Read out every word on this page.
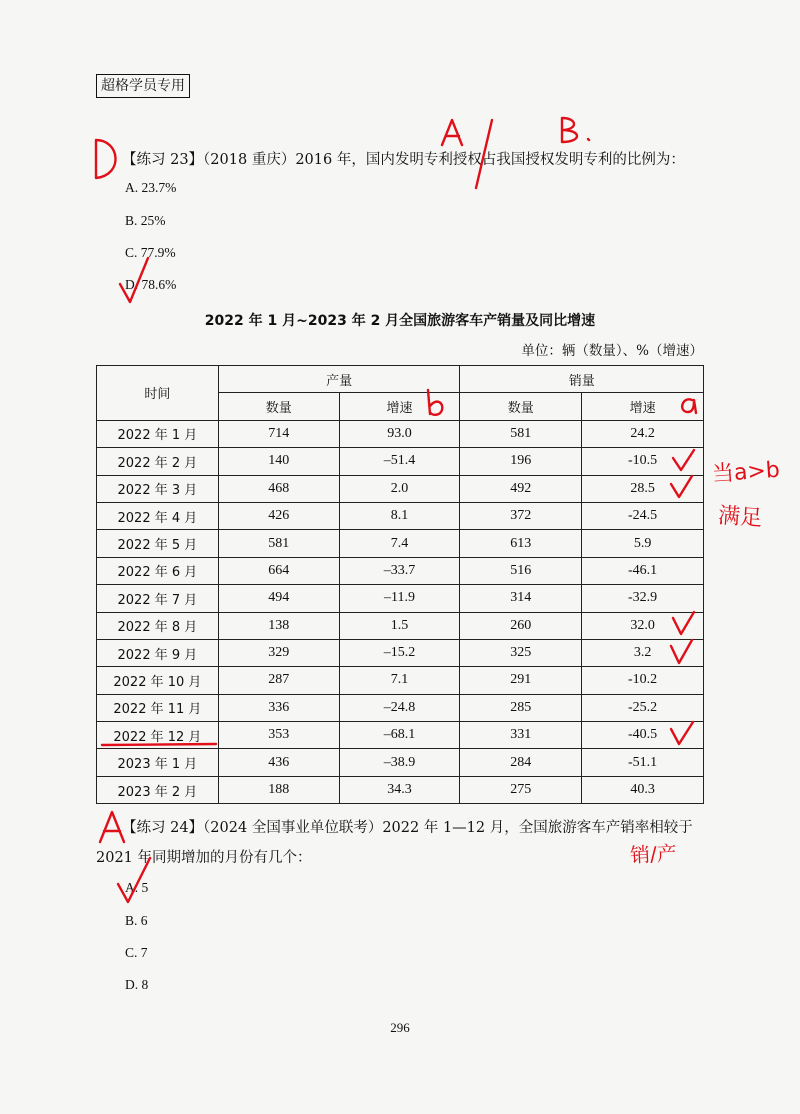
超格学员专用
【练习 23】（2018 重庆）2016 年，国内发明专利授权占我国授权发明专利的比例为：
A. 23.7%
B. 25%
C. 77.9%
D. 78.6%
2022 年 1 月~2023 年 2 月全国旅游客车产销量及同比增速
单位：辆（数量）、%（增速）
时间	产量		销量	
	数量	增速	数量	增速
2022 年 1 月	714	93.0	581	24.2
2022 年 2 月	140	–51.4	196	-10.5
2022 年 3 月	468	2.0	492	28.5
2022 年 4 月	426	8.1	372	-24.5
2022 年 5 月	581	7.4	613	5.9
2022 年 6 月	664	–33.7	516	-46.1
2022 年 7 月	494	–11.9	314	-32.9
2022 年 8 月	138	1.5	260	32.0
2022 年 9 月	329	–15.2	325	3.2
2022 年 10 月	287	7.1	291	-10.2
2022 年 11 月	336	–24.8	285	-25.2
2022 年 12 月	353	–68.1	331	-40.5
2023 年 1 月	436	–38.9	284	-51.1
2023 年 2 月	188	34.3	275	40.3
【练习 24】（2024 全国事业单位联考）2022 年 1—12 月，全国旅游客车产销率相较于
2021 年同期增加的月份有几个：
A. 5
B. 6
C. 7
D. 8
296
当a>b
满足
销/产
